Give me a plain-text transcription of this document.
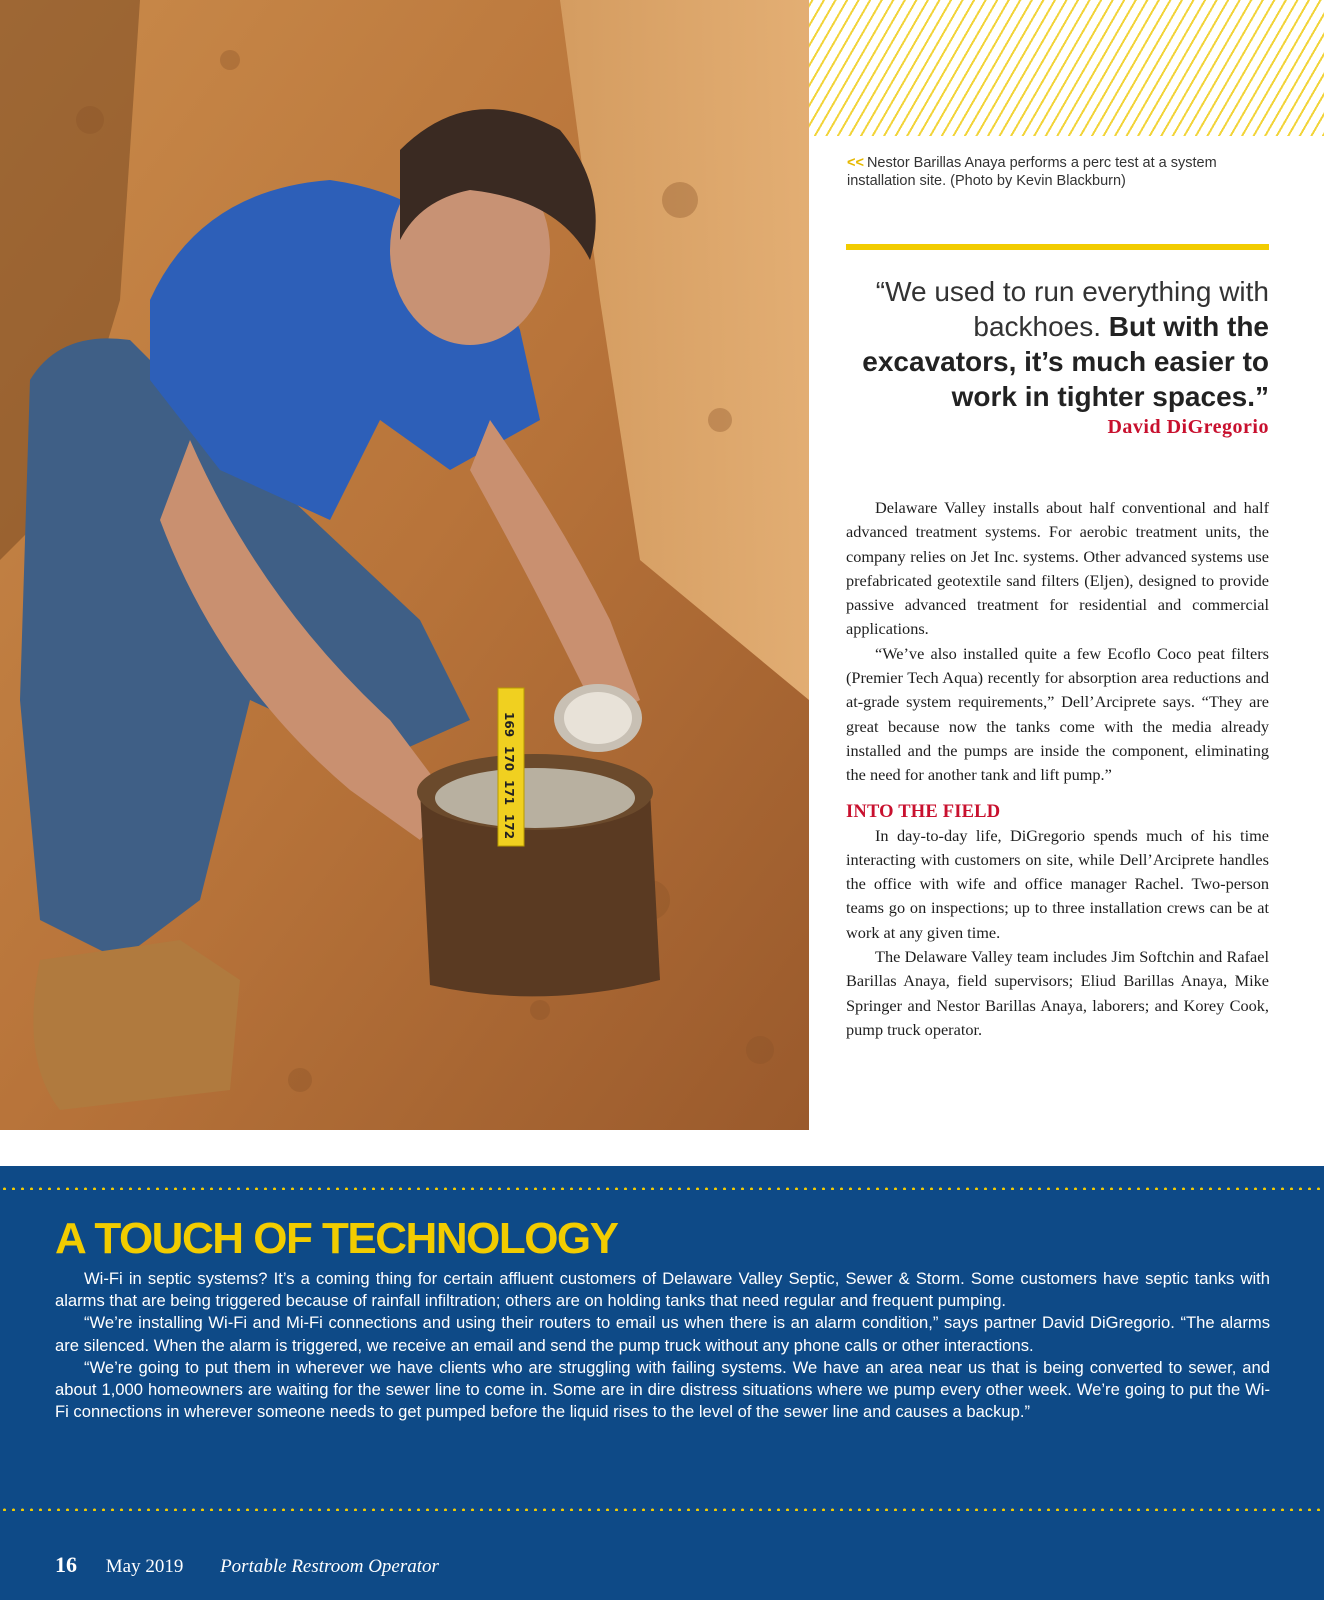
169
170
171
172
<< Nestor Barillas Anaya performs a perc test at a system installation site. (Photo by Kevin Blackburn)
“We used to run everything with backhoes. But with the excavators, it’s much easier to work in tighter spaces.”
David DiGregorio

Delaware Valley installs about half conventional and half advanced treatment systems. For aerobic treatment units, the company relies on Jet Inc. systems. Other advanced systems use prefabricated geotextile sand filters (Eljen), designed to provide passive advanced treatment for residential and commercial applications.

“We’ve also installed quite a few Ecoflo Coco peat filters (Premier Tech Aqua) recently for absorption area reductions and at-grade system requirements,” Dell’Arciprete says. “They are great because now the tanks come with the media already installed and the pumps are inside the component, eliminating the need for another tank and lift pump.”

INTO THE FIELD

In day-to-day life, DiGregorio spends much of his time interacting with customers on site, while Dell’Arciprete handles the office with wife and office manager Rachel. Two-person teams go on inspections; up to three installation crews can be at work at any given time.

The Delaware Valley team includes Jim Softchin and Rafael Barillas Anaya, field supervisors; Eliud Barillas Anaya, Mike Springer and Nestor Barillas Anaya, laborers; and Korey Cook, pump truck operator.

A TOUCH OF TECHNOLOGY

Wi-Fi in septic systems? It’s a coming thing for certain affluent customers of Delaware Valley Septic, Sewer & Storm. Some customers have septic tanks with alarms that are being triggered because of rainfall infiltration; others are on holding tanks that need regular and frequent pumping.

“We’re installing Wi-Fi and Mi-Fi connections and using their routers to email us when there is an alarm condition,” says partner David DiGregorio. “The alarms are silenced. When the alarm is triggered, we receive an email and send the pump truck without any phone calls or other interactions.

“We’re going to put them in wherever we have clients who are struggling with failing systems. We have an area near us that is being converted to sewer, and about 1,000 homeowners are waiting for the sewer line to come in. Some are in dire distress situations where we pump every other week. We’re going to put the Wi-Fi connections in wherever someone needs to get pumped before the liquid rises to the level of the sewer line and causes a backup.”

16 May 2019 Portable Restroom Operator
